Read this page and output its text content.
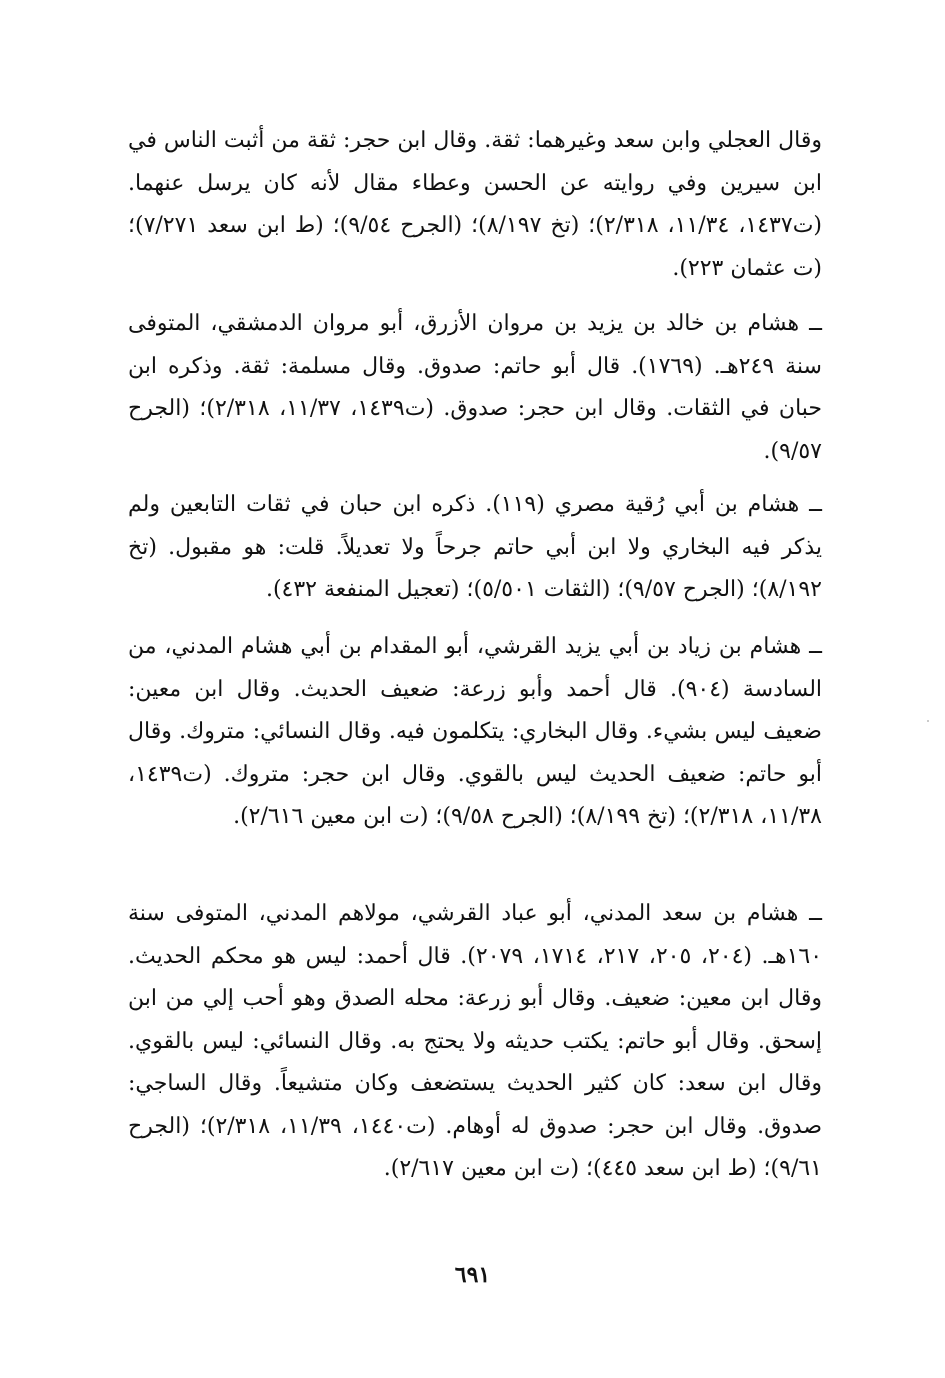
وقال العجلي وابن سعد وغيرهما: ثقة. وقال ابن حجر: ثقة من أثبت الناس في ابن سيرين وفي روايته عن الحسن وعطاء مقال لأنه كان يرسل عنهما. (ت١٤٣٧، ١١/٣٤، ٢/٣١٨)؛ (تخ ٨/١٩٧)؛ (الجرح ٩/٥٤)؛ (ط ابن سعد ٧/٢٧١)؛ (ت عثمان ٢٢٣).

ــ هشام بن خالد بن يزيد بن مروان الأزرق، أبو مروان الدمشقي، المتوفى سنة ٢٤٩هـ. (١٧٦٩). قال أبو حاتم: صدوق. وقال مسلمة: ثقة. وذكره ابن حبان في الثقات. وقال ابن حجر: صدوق. (ت١٤٣٩، ١١/٣٧، ٢/٣١٨)؛ (الجرح ٩/٥٧).

ــ هشام بن أبي رُقية مصري (١١٩). ذكره ابن حبان في ثقات التابعين ولم يذكر فيه البخاري ولا ابن أبي حاتم جرحاً ولا تعديلاً. قلت: هو مقبول. (تخ ٨/١٩٢)؛ (الجرح ٩/٥٧)؛ (الثقات ٥/٥٠١)؛ (تعجيل المنفعة ٤٣٢).

ــ هشام بن زياد بن أبي يزيد القرشي، أبو المقدام بن أبي هشام المدني، من السادسة (٩٠٤). قال أحمد وأبو زرعة: ضعيف الحديث. وقال ابن معين: ضعيف ليس بشيء. وقال البخاري: يتكلمون فيه. وقال النسائي: متروك. وقال أبو حاتم: ضعيف الحديث ليس بالقوي. وقال ابن حجر: متروك. (ت١٤٣٩، ١١/٣٨، ٢/٣١٨)؛ (تخ ٨/١٩٩)؛ (الجرح ٩/٥٨)؛ (ت ابن معين ٢/٦١٦).

ــ هشام بن سعد المدني، أبو عباد القرشي، مولاهم المدني، المتوفى سنة ١٦٠هـ. (٢٠٤، ٢٠٥، ٢١٧، ١٧١٤، ٢٠٧٩). قال أحمد: ليس هو محكم الحديث. وقال ابن معين: ضعيف. وقال أبو زرعة: محله الصدق وهو أحب إلي من ابن إسحق. وقال أبو حاتم: يكتب حديثه ولا يحتج به. وقال النسائي: ليس بالقوي. وقال ابن سعد: كان كثير الحديث يستضعف وكان متشيعاً. وقال الساجي: صدوق. وقال ابن حجر: صدوق له أوهام. (ت١٤٤٠، ١١/٣٩، ٢/٣١٨)؛ (الجرح ٩/٦١)؛ (ط ابن سعد ٤٤٥)؛ (ت ابن معين ٢/٦١٧).

٦٩١
